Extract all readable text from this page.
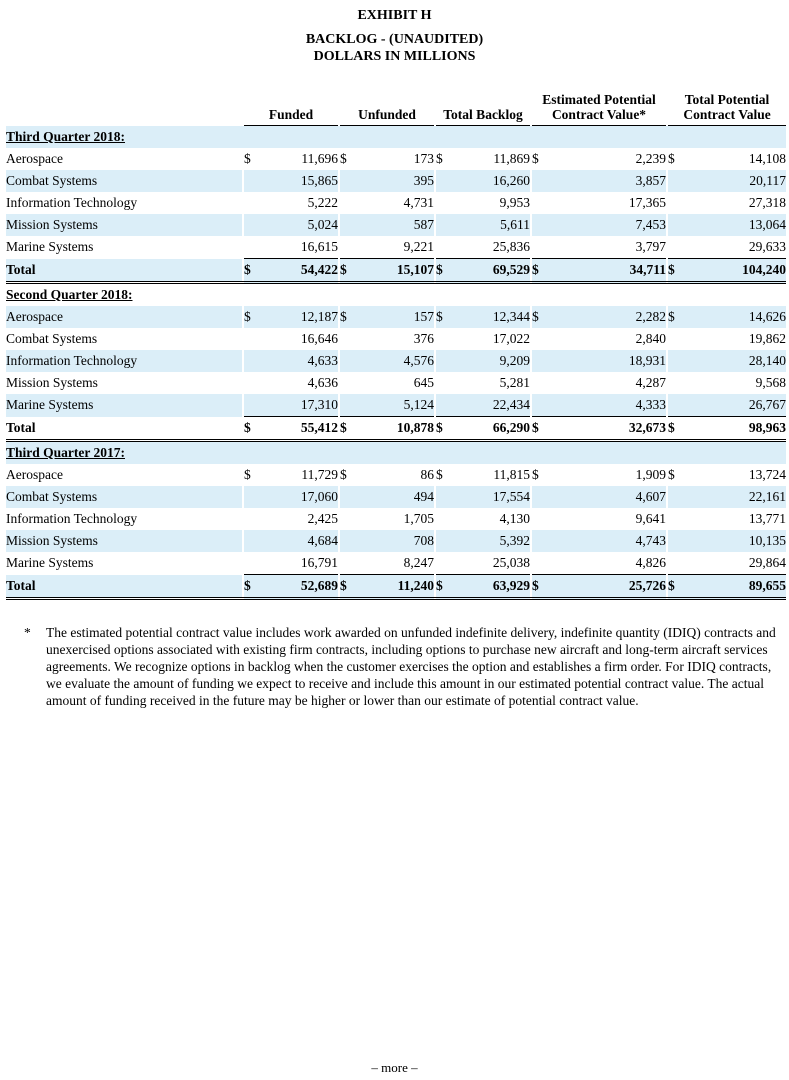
EXHIBIT H
BACKLOG - (UNAUDITED)
DOLLARS IN MILLIONS
		Funded			Unfunded			Total Backlog			Estimated Potential Contract Value*			Total Potential Contract Value	
Third Quarter 2018:															
Aerospace		$	11,696		$	173		$	11,869		$	2,239		$	14,108
Combat Systems			15,865			395			16,260			3,857			20,117
Information Technology			5,222			4,731			9,953			17,365			27,318
Mission Systems			5,024			587			5,611			7,453			13,064
Marine Systems			16,615			9,221			25,836			3,797			29,633
Total		$	54,422		$	15,107		$	69,529		$	34,711		$	104,240
Second Quarter 2018:															
Aerospace		$	12,187		$	157		$	12,344		$	2,282		$	14,626
Combat Systems			16,646			376			17,022			2,840			19,862
Information Technology			4,633			4,576			9,209			18,931			28,140
Mission Systems			4,636			645			5,281			4,287			9,568
Marine Systems			17,310			5,124			22,434			4,333			26,767
Total		$	55,412		$	10,878		$	66,290		$	32,673		$	98,963
Third Quarter 2017:															
Aerospace		$	11,729		$	86		$	11,815		$	1,909		$	13,724
Combat Systems			17,060			494			17,554			4,607			22,161
Information Technology			2,425			1,705			4,130			9,641			13,771
Mission Systems			4,684			708			5,392			4,743			10,135
Marine Systems			16,791			8,247			25,038			4,826			29,864
Total		$	52,689		$	11,240		$	63,929		$	25,726		$	89,655
* The estimated potential contract value includes work awarded on unfunded indefinite delivery, indefinite quantity (IDIQ) contracts and unexercised options associated with existing firm contracts, including options to purchase new aircraft and long-term aircraft services agreements. We recognize options in backlog when the customer exercises the option and establishes a firm order. For IDIQ contracts, we evaluate the amount of funding we expect to receive and include this amount in our estimated potential contract value. The actual amount of funding received in the future may be higher or lower than our estimate of potential contract value.
– more –
